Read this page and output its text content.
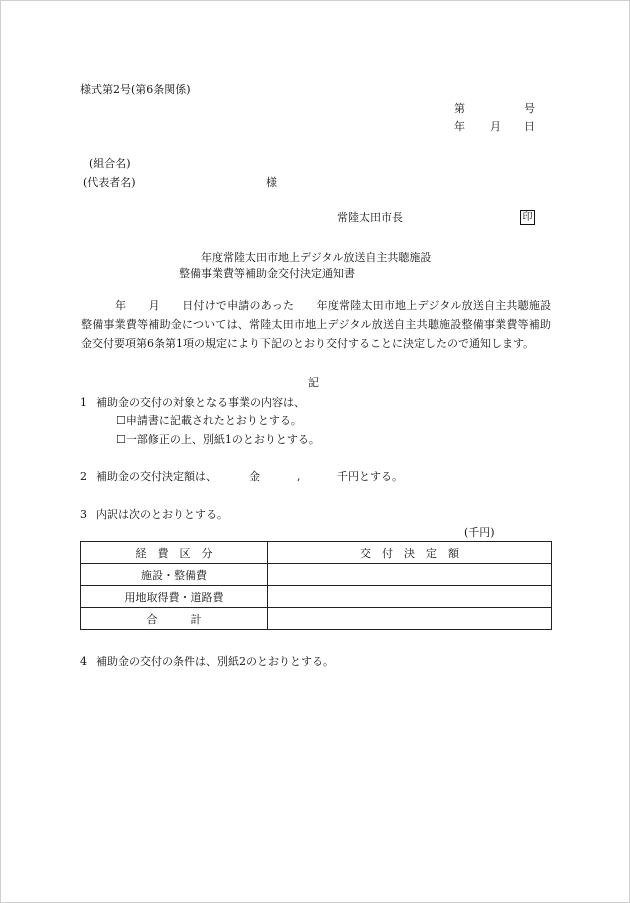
様式第2号(第6条関係)
第	号
年 月 日
(組合名)
(代表者名)	様
常陸太田市長	印
年度常陸太田市地上デジタル放送自主共聴施設
整備事業費等補助金交付決定通知書
年　　 月　　 日付けで申請のあった　　年度常陸太田市地上デジタル放送自主共聴施設整備事業費等補助金については、常陸太田市地上デジタル放送自主共聴施設整備事業費等補助金交付要項第6条第1項の規定により下記のとおり交付することに決定したので通知します。
記
1 補助金の交付の対象となる事業の内容は、
☐申請書に記載されたとおりとする。
☐一部修正の上、別紙1のとおりとする。
2 補助金の交付決定額は、	金	,	千円とする。
3 内訳は次のとおりとする。
(千円)
経　費　区　分	交　付　決　定　額
施設・整備費	
用地取得費・道路費	
合　　　計	
4 補助金の交付の条件は、別紙2のとおりとする。
